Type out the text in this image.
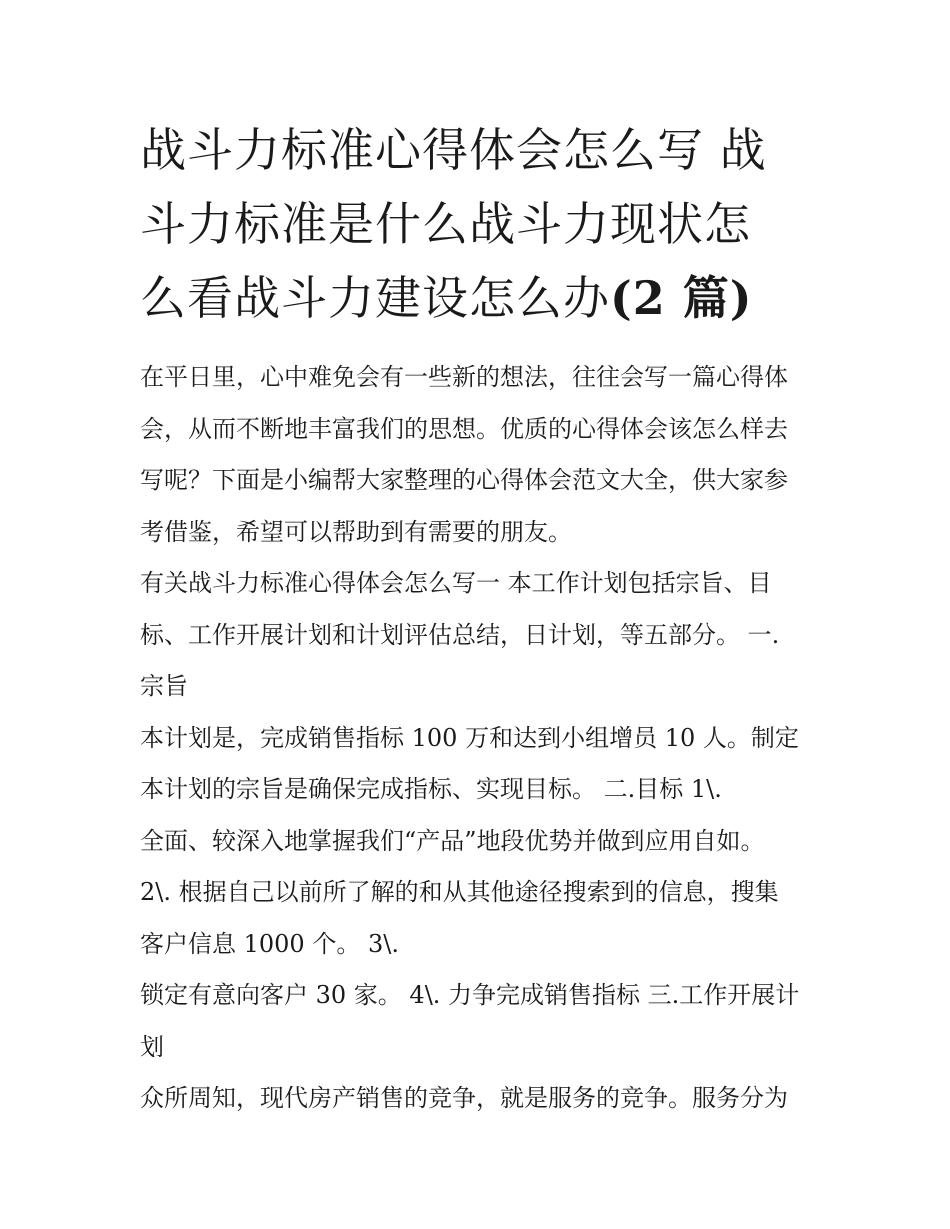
战斗力标准心得体会怎么写 战
斗力标准是什么战斗力现状怎
么看战斗力建设怎么办(2 篇)
在平日里，心中难免会有一些新的想法，往往会写一篇心得体
会，从而不断地丰富我们的思想。优质的心得体会该怎么样去
写呢？下面是小编帮大家整理的心得体会范文大全，供大家参
考借鉴，希望可以帮助到有需要的朋友。
有关战斗力标准心得体会怎么写一 本工作计划包括宗旨、目
标、工作开展计划和计划评估总结，日计划，等五部分。 一.
宗旨
本计划是，完成销售指标 100 万和达到小组增员 10 人。制定
本计划的宗旨是确保完成指标、实现目标。 二.目标 1\.
全面、较深入地掌握我们“产品”地段优势并做到应用自如。
2\. 根据自己以前所了解的和从其他途径搜索到的信息，搜集
客户信息 1000 个。 3\.
锁定有意向客户 30 家。 4\. 力争完成销售指标 三.工作开展计
划
众所周知，现代房产销售的竞争，就是服务的竞争。服务分为
